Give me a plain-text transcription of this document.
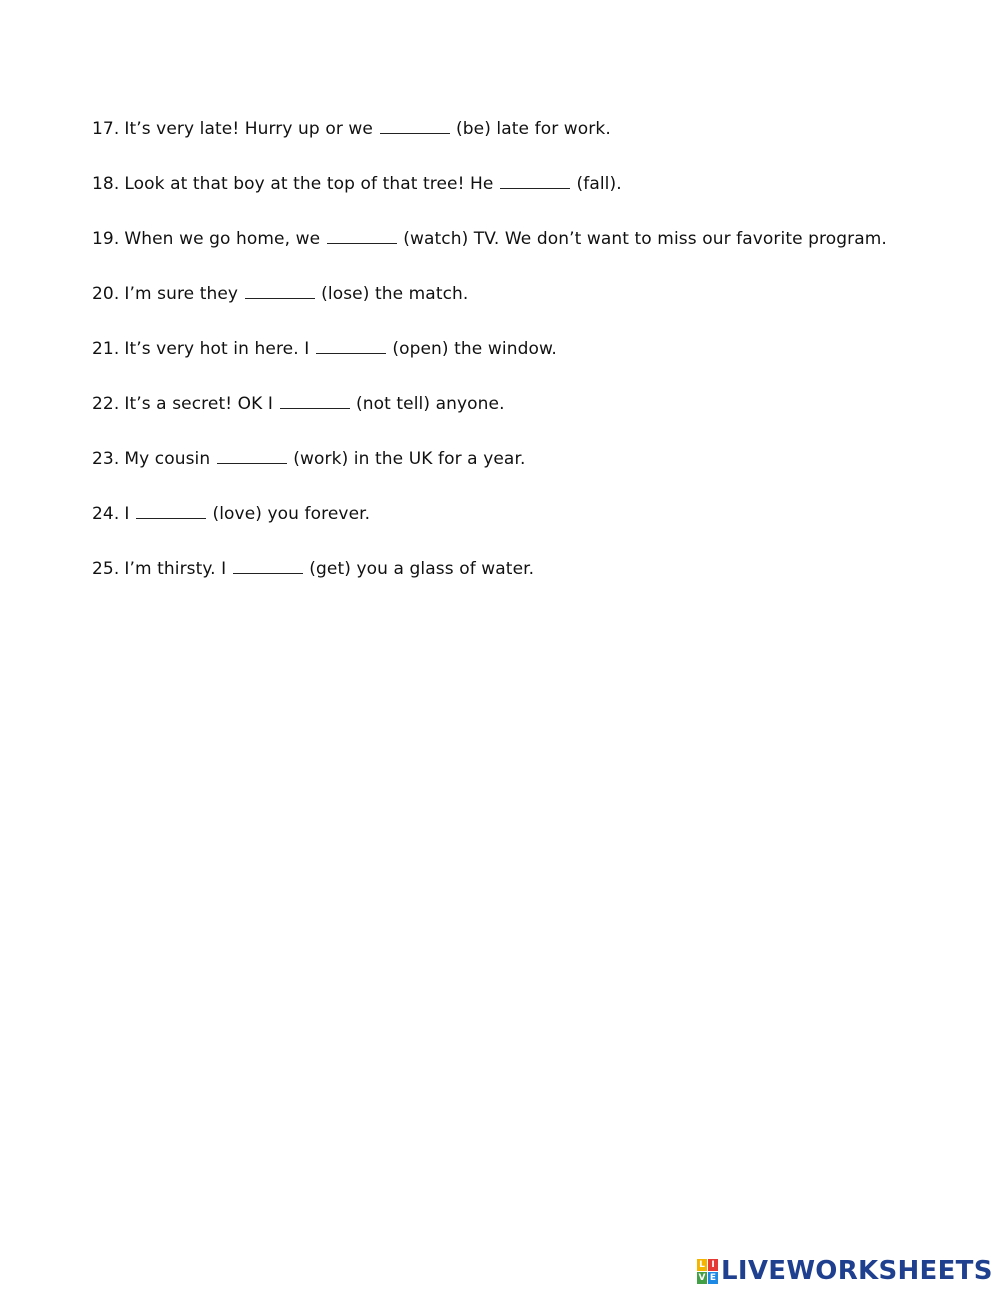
17. It’s very late! Hurry up or we	(be) late for work.
18. Look at that boy at the top of that tree! He	(fall).
19. When we go home, we	(watch) TV. We don’t want to miss our favorite program.
20. I’m sure they	(lose) the match.
21. It’s very hot in here. I	(open) the window.
22. It’s a secret! OK I	(not tell) anyone.
23. My cousin	(work) in the UK for a year.
24. I	(love) you forever.
25. I’m thirsty. I	(get) you a glass of water.
L I
V E LIVEWORKSHEETS
